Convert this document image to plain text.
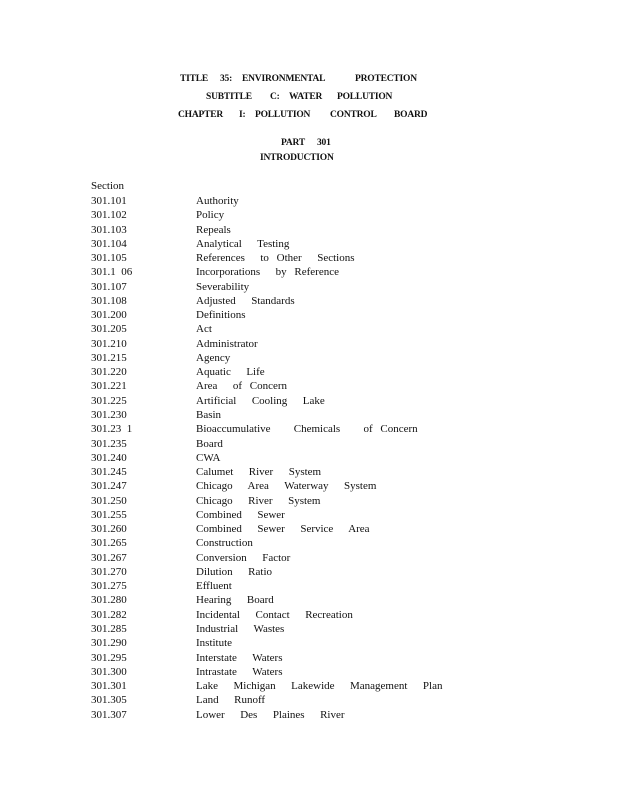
TITLE 35: ENVIRONMENTAL	PROTECTION
SUBTITLE C: WATER POLLUTION
CHAPTER I: POLLUTION CONTROL BOARD
PART 301
INTRODUCTION
Section
301.101	Authority
301.102	Policy
301.103	Repeals
301.104	Analytical  Testing
301.105	References  to Other  Sections
301.1  06	Incorporations  by Reference
301.107	Severability
301.108	Adjusted  Standards
301.200	Definitions
301.205	Act
301.210	Administrator
301.215	Agency
301.220	Aquatic  Life
301.221	Area  of Concern
301.225	Artificial  Cooling  Lake
301.230	Basin
301.23  1	Bioaccumulative   Chemicals   of Concern
301.235	Board
301.240	CWA
301.245	Calumet  River  System
301.247	Chicago  Area  Waterway  System
301.250	Chicago  River  System
301.255	Combined  Sewer
301.260	Combined  Sewer  Service  Area
301.265	Construction
301.267	Conversion  Factor
301.270	Dilution  Ratio
301.275	Effluent
301.280	Hearing  Board
301.282	Incidental  Contact  Recreation
301.285	Industrial  Wastes
301.290	Institute
301.295	Interstate  Waters
301.300	Intrastate  Waters
301.301	Lake  Michigan  Lakewide  Management  Plan
301.305	Land  Runoff
301.307	Lower  Des  Plaines  River
